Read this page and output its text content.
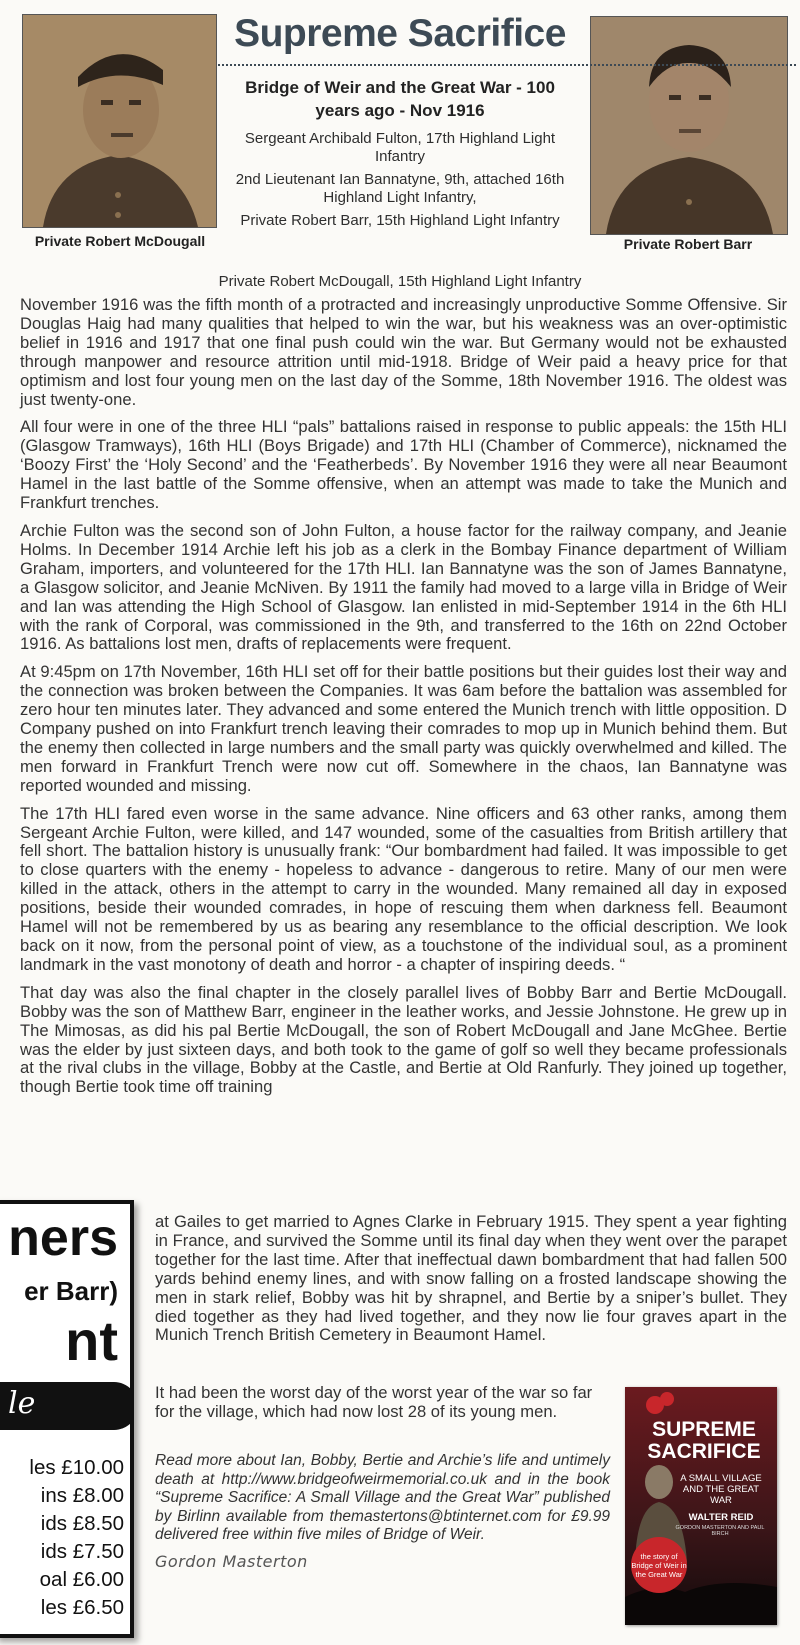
Private Robert McDougall	Private Robert Barr
Supreme Sacrifice
Bridge of Weir and the Great War - 100 years ago - Nov 1916

Sergeant Archibald Fulton, 17th Highland Light Infantry

2nd Lieutenant Ian Bannatyne, 9th, attached 16th Highland Light Infantry,

Private Robert Barr, 15th Highland Light Infantry

Private Robert McDougall, 15th Highland Light Infantry

November 1916 was the fifth month of a protracted and increasingly unproductive Somme Offensive. Sir Douglas Haig had many qualities that helped to win the war, but his weakness was an over-optimistic belief in 1916 and 1917 that one final push could win the war. But Germany would not be exhausted through manpower and resource attrition until mid-1918. Bridge of Weir paid a heavy price for that optimism and lost four young men on the last day of the Somme, 18th November 1916. The oldest was just twenty-one.

All four were in one of the three HLI “pals” battalions raised in response to public appeals: the 15th HLI (Glasgow Tramways), 16th HLI (Boys Brigade) and 17th HLI (Chamber of Commerce), nicknamed the ‘Boozy First’ the ‘Holy Second’ and the ‘Featherbeds’. By November 1916 they were all near Beaumont Hamel in the last battle of the Somme offensive, when an attempt was made to take the Munich and Frankfurt trenches.

Archie Fulton was the second son of John Fulton, a house factor for the railway company, and Jeanie Holms. In December 1914 Archie left his job as a clerk in the Bombay Finance department of William Graham, importers, and volunteered for the 17th HLI. Ian Bannatyne was the son of James Bannatyne, a Glasgow solicitor, and Jeanie McNiven. By 1911 the family had moved to a large villa in Bridge of Weir and Ian was attending the High School of Glasgow. Ian enlisted in mid-September 1914 in the 6th HLI with the rank of Corporal, was commissioned in the 9th, and transferred to the 16th on 22nd October 1916. As battalions lost men, drafts of replacements were frequent.

At 9:45pm on 17th November, 16th HLI set off for their battle positions but their guides lost their way and the connection was broken between the Companies. It was 6am before the battalion was assembled for zero hour ten minutes later. They advanced and some entered the Munich trench with little opposition. D Company pushed on into Frankfurt trench leaving their comrades to mop up in Munich behind them. But the enemy then collected in large numbers and the small party was quickly overwhelmed and killed. The men forward in Frankfurt Trench were now cut off. Somewhere in the chaos, Ian Bannatyne was reported wounded and missing.

The 17th HLI fared even worse in the same advance. Nine officers and 63 other ranks, among them Sergeant Archie Fulton, were killed, and 147 wounded, some of the casualties from British artillery that fell short. The battalion history is unusually frank: “Our bombardment had failed. It was impossible to get to close quarters with the enemy - hopeless to advance - dangerous to retire. Many of our men were killed in the attack, others in the attempt to carry in the wounded. Many remained all day in exposed positions, beside their wounded comrades, in hope of rescuing them when darkness fell. Beaumont Hamel will not be remembered by us as bearing any resemblance to the official description. We look back on it now, from the personal point of view, as a touchstone of the individual soul, as a prominent landmark in the vast monotony of death and horror - a chapter of inspiring deeds. “

That day was also the final chapter in the closely parallel lives of Bobby Barr and Bertie McDougall. Bobby was the son of Matthew Barr, engineer in the leather works, and Jessie Johnstone. He grew up in The Mimosas, as did his pal Bertie McDougall, the son of Robert McDougall and Jane McGhee. Bertie was the elder by just sixteen days, and both took to the game of golf so well they became professionals at the rival clubs in the village, Bobby at the Castle, and Bertie at Old Ranfurly. They joined up together, though Bertie took time off training

at Gailes to get married to Agnes Clarke in February 1915. They spent a year fighting in France, and survived the Somme until its final day when they went over the parapet together for the last time. After that ineffectual dawn bombardment that had fallen 500 yards behind enemy lines, and with snow falling on a frosted landscape showing the men in stark relief, Bobby was hit by shrapnel, and Bertie by a sniper’s bullet. They died together as they had lived together, and they now lie four graves apart in the Munich Trench British Cemetery in Beaumont Hamel.
It had been the worst day of the worst year of the war so far for the village, which had now lost 28 of its young men.
Read more about Ian, Bobby, Bertie and Archie’s life and untimely death at http://www.bridgeofweirmemorial.co.uk and in the book “Supreme Sacrifice: A Small Village and the Great War” published by Birlinn available from themastertons@btinternet.com for £9.99 delivered free within five miles of Bridge of Weir.
Gordon Masterton
ners
er Barr)
nt
le
les £10.00
ins £8.00
ids £8.50
ids £7.50
oal £6.00
les £6.50
SUPREME
SACRIFICE
A SMALL VILLAGE AND THE GREAT WAR
WALTER REID
GORDON MASTERTON AND PAUL BIRCH
the story of Bridge of Weir in the Great War
